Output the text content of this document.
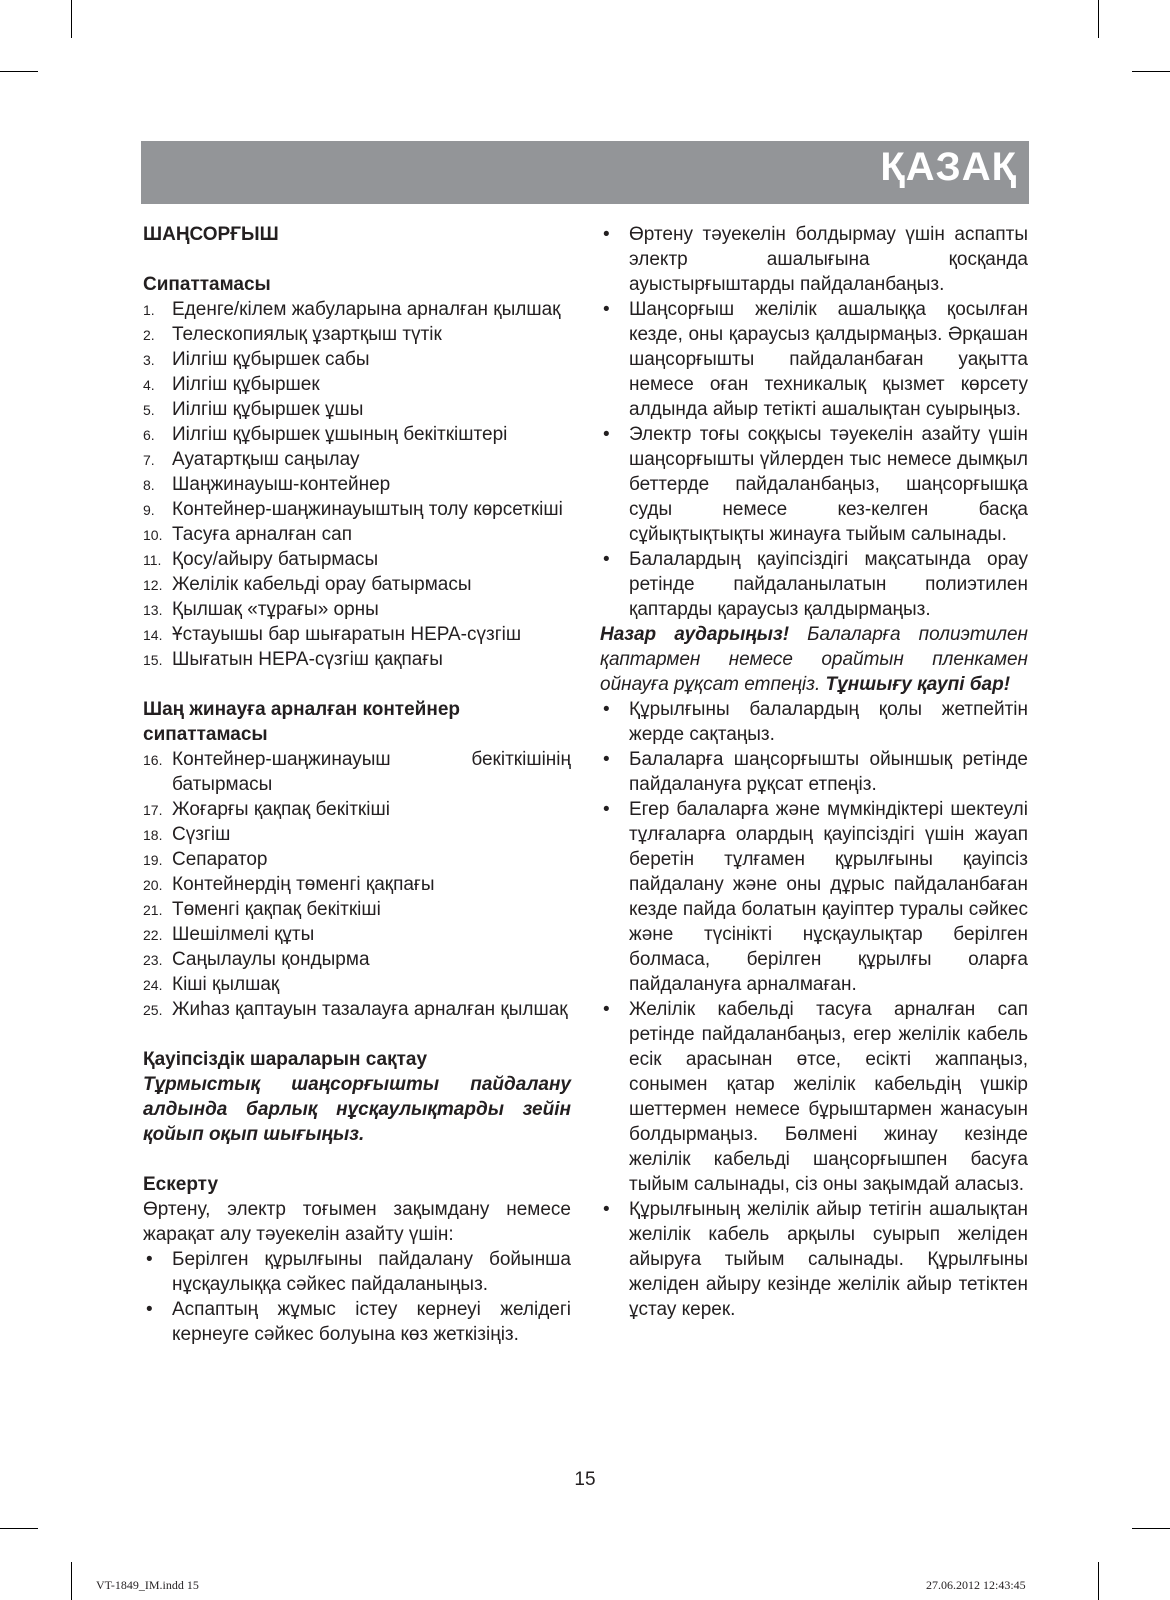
ҚАЗАҚ
ШАҢСОРҒЫШ
Сипаттамасы
1. Еденге/кілем жабуларына арналған қылшақ
2. Телескопиялық ұзартқыш түтік
3. Иілгіш құбыршек сабы
4. Иілгіш құбыршек
5. Иілгіш құбыршек ұшы
6. Иілгіш құбыршек ұшының бекіткіштері
7. Ауатартқыш саңылау
8. Шаңжинауыш-контейнер
9. Контейнер-шаңжинауыштың толу көрсеткіші
10. Тасуға арналған сап
11. Қосу/айыру батырмасы
12. Желілік кабельді орау батырмасы
13. Қылшақ «тұрағы» орны
14. Ұстауышы бар шығаратын HEPA-сүзгіш
15. Шығатын HEPA-сүзгіш қақпағы
Шаң жинауға арналған контейнер
сипаттамасы
16. Контейнер-шаңжинауыш бекіткішінің батырмасы
17. Жоғарғы қақпақ бекіткіші
18. Сүзгіш
19. Сепаратор
20. Контейнердің төменгі қақпағы
21. Төменгі қақпақ бекіткіші
22. Шешілмелі құты
23. Саңылаулы қондырма
24. Кіші қылшақ
25. Жиһаз қаптауын тазалауға арналған қылшақ
Қауіпсіздік шараларын сақтау
Тұрмыстық шаңсорғышты пайдалану алдында барлық нұсқаулықтарды зейін қойып оқып шығыңыз.
Ескерту
Өртену, электр тоғымен зақымдану немесе жарақат алу тәуекелін азайту үшін:
• Берілген құрылғыны пайдалану бойынша нұсқаулыққа сәйкес пайдаланыңыз.
• Аспаптың жұмыс істеу кернеуі желідегі кернеуге сәйкес болуына көз жеткізіңіз.
• Өртену тәуекелін болдырмау үшін аспапты электр ашалығына қосқанда ауыстырғыштарды пайдаланбаңыз.
• Шаңсорғыш желілік ашалыққа қосылған кезде, оны қараусыз қалдырмаңыз. Әрқашан шаңсорғышты пайдаланбаған уақытта немесе оған техникалық қызмет көрсету алдында айыр тетікті ашалықтан суырыңыз.
• Электр тоғы соққысы тәуекелін азайту үшін шаңсорғышты үйлерден тыс немесе дымқыл беттерде пайдаланбаңыз, шаңсорғышқа суды немесе кез-келген басқа сұйықтықтықты жинауға тыйым салынады.
• Балалардың қауіпсіздігі мақсатында орау ретінде пайдаланылатын полиэтилен қаптарды қараусыз қалдырмаңыз.
Назар аударыңыз! Балаларға полиэтилен қаптармен немесе орайтын пленкамен ойнауға рұқсат етпеңіз. Тұншығу қаупі бар!
• Құрылғыны балалардың қолы жетпейтін жерде сақтаңыз.
• Балаларға шаңсорғышты ойыншық ретінде пайдалануға рұқсат етпеңіз.
• Егер балаларға және мүмкіндіктері шектеулі тұлғаларға олардың қауіпсіздігі үшін жауап беретін тұлғамен құрылғыны қауіпсіз пайдалану және оны дұрыс пайдаланбаған кезде пайда болатын қауіптер туралы сәйкес және түсінікті нұсқаулықтар берілген болмаса, берілген құрылғы оларға пайдалануға арналмаған.
• Желілік кабельді тасуға арналған сап ретінде пайдаланбаңыз, егер желілік кабель есік арасынан өтсе, есікті жаппаңыз, сонымен қатар желілік кабельдің үшкір шеттермен немесе бұрыштармен жанасуын болдырмаңыз. Бөлмені жинау кезінде желілік кабельді шаңсорғышпен басуға тыйым салынады, сіз оны зақымдай аласыз.
• Құрылғының желілік айыр тетігін ашалықтан желілік кабель арқылы суырып желіден айыруға тыйым салынады. Құрылғыны желіден айыру кезінде желілік айыр тетіктен ұстау керек.
15
VT-1849_IM.indd 15	27.06.2012 12:43:45
